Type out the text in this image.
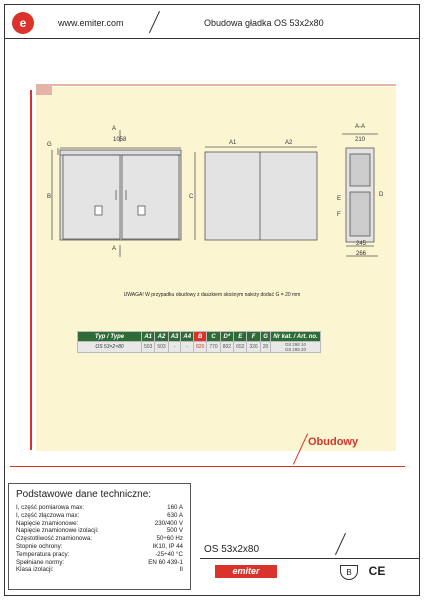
e	www.emiter.com	Obudowa gładka OS 53x2x80
1058
A
A
G
B
A1	A2
C
A-A
210
D
E
F
245
266
UWAGA! W przypadku obudowy z daszkiem skośnym należy dodać G = 20 mm
Typ / Type	A1	A2	A3	A4	B	C	D*	E	F	G	Nr kat. / Art. no.
OS 53×2×80	503	503	-	-	820	770	802	652	326	20	G8 298 10
G8 298 20
Obudowy
Podstawowe dane techniczne:
I, część pomiarowa max:	160 A
I, część złączowa max:	630 A
Napięcie znamionowe:	230/400 V
Napięcie znamionowe izolacji:	500 V
Częstotliwość znamionowa:	50÷60 Hz
Stopnie ochrony:	IK10, IP 44
Temperatura pracy:	-25÷40 °C
Spełniane normy:	EN 60 439-1
Klasa izolacji:	II
OS 53x2x80
emiter	B	CE
